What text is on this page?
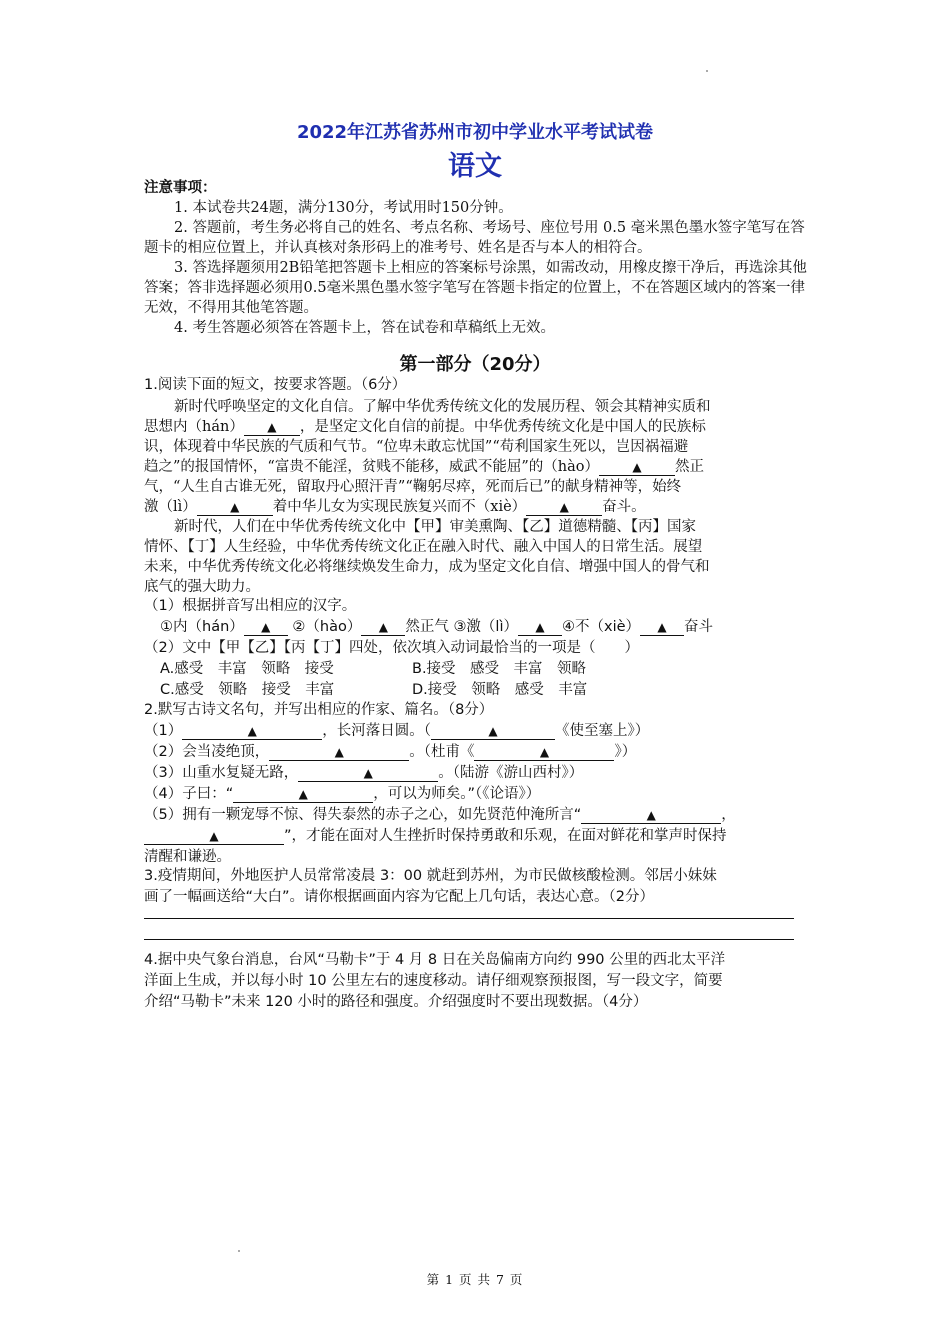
2022年江苏省苏州市初中学业水平考试试卷
语文
注意事项：
1. 本试卷共24题，满分130分，考试用时150分钟。
2. 答题前，考生务必将自己的姓名、考点名称、考场号、座位号用 0.5 毫米黑色墨水签字笔写在答题卡的相应位置上，并认真核对条形码上的准考号、姓名是否与本人的相符合。
3. 答选择题须用2B铅笔把答题卡上相应的答案标号涂黑，如需改动，用橡皮擦干净后，再选涂其他答案；答非选择题必须用0.5毫米黑色墨水签字笔写在答题卡指定的位置上，不在答题区域内的答案一律无效，不得用其他笔答题。
4. 考生答题必须答在答题卡上，答在试卷和草稿纸上无效。
第一部分（20分）
1.阅读下面的短文，按要求答题。（6分）
新时代呼唤坚定的文化自信。了解中华优秀传统文化的发展历程、领会其精神实质和
思想内（hán） ▲ ，是坚定文化自信的前提。中华优秀传统文化是中国人的民族标
识，体现着中华民族的气质和气节。“位卑未敢忘忧国”“苟利国家生死以，岂因祸福避
趋之”的报国情怀，“富贵不能淫，贫贱不能移，威武不能屈”的（hào）	▲ 然正
气，“人生自古谁无死，留取丹心照汗青”“鞠躬尽瘁，死而后已”的献身精神等，始终
激（lì）	▲ 着中华儿女为实现民族复兴而不（xiè）	▲ 奋斗。
新时代，人们在中华优秀传统文化中【甲】审美熏陶、【乙】道德精髓、【丙】国家
情怀、【丁】人生经验，中华优秀传统文化正在融入时代、融入中国人的日常生活。展望
未来，中华优秀传统文化必将继续焕发生命力，成为坚定文化自信、增强中国人的骨气和
底气的强大助力。
（1）根据拼音写出相应的汉字。
①内（hán） ▲ ②（hào） ▲ 然正气 ③激（lì） ▲ ④不（xiè） ▲ 奋斗
（2）文中【甲【乙】【丙【丁】四处，依次填入动词最恰当的一项是（　　）
A.感受　丰富　领略　接受	B.接受　感受　丰富　领略
C.感受　领略　接受　丰富	D.接受　领略　感受　丰富
2.默写古诗文名句，并写出相应的作家、篇名。（8分）
（1）	▲	，长河落日圆。（	▲	《使至塞上》）
（2）会当凌绝顶，	▲	。（杜甫《	▲	》）
（3）山重水复疑无路，	▲	。（陆游《游山西村》）
（4）子曰：“	▲	，可以为师矣。”（《论语》）
（5）拥有一颗宠辱不惊、得失泰然的赤子之心，如先贤范仲淹所言“	▲	，
▲	”，才能在面对人生挫折时保持勇敢和乐观，在面对鲜花和掌声时保持
清醒和谦逊。
3.疫情期间，外地医护人员常常凌晨 3：00 就赶到苏州，为市民做核酸检测。邻居小妹妹
画了一幅画送给“大白”。请你根据画面内容为它配上几句话，表达心意。（2分）
4.据中央气象台消息，台风“马勒卡”于 4 月 8 日在关岛偏南方向约 990 公里的西北太平洋
洋面上生成，并以每小时 10 公里左右的速度移动。请仔细观察预报图，写一段文字，简要
介绍“马勒卡”未来 120 小时的路径和强度。介绍强度时不要出现数据。（4分）
第 1 页 共 7 页
